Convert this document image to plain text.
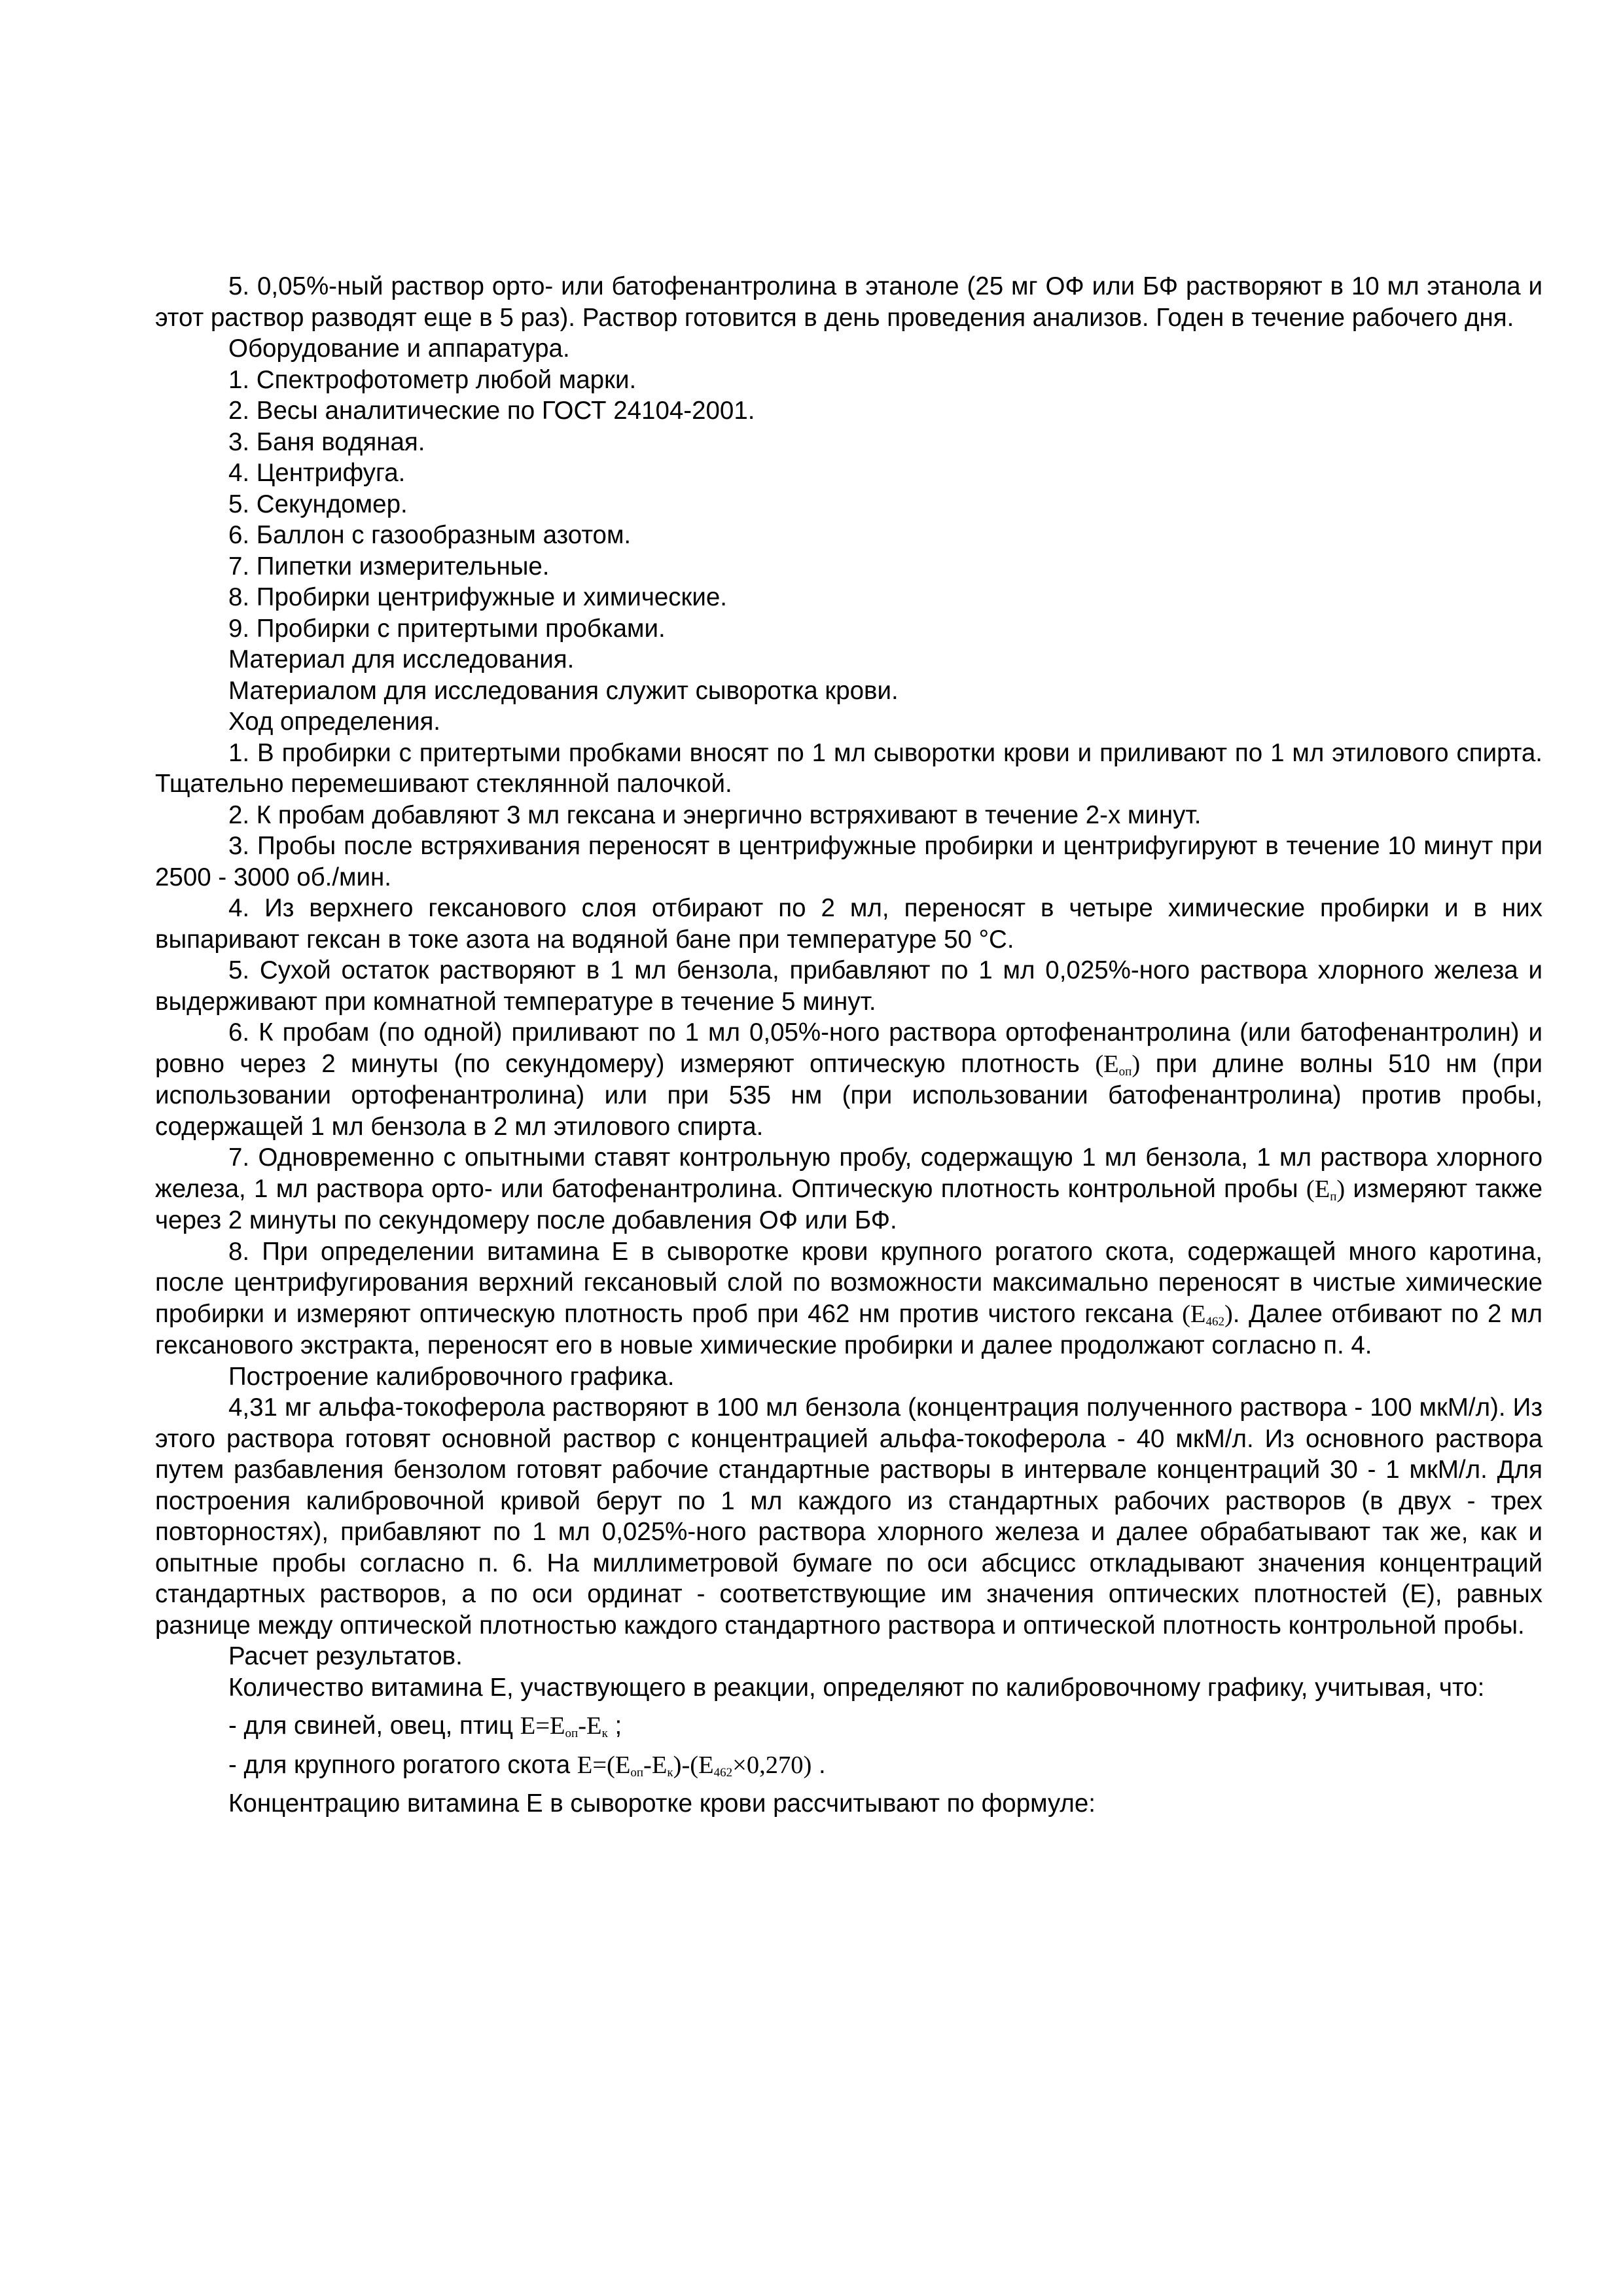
5. 0,05%-ный раствор орто- или батофенантролина в этаноле (25 мг ОФ или БФ растворяют в 10 мл этанола и этот раствор разводят еще в 5 раз). Раствор готовится в день проведения анализов. Годен в течение рабочего дня.

Оборудование и аппаратура.

1. Спектрофотометр любой марки.

2. Весы аналитические по ГОСТ 24104-2001.

3. Баня водяная.

4. Центрифуга.

5. Секундомер.

6. Баллон с газообразным азотом.

7. Пипетки измерительные.

8. Пробирки центрифужные и химические.

9. Пробирки с притертыми пробками.

Материал для исследования.

Материалом для исследования служит сыворотка крови.

Ход определения.

1. В пробирки с притертыми пробками вносят по 1 мл сыворотки крови и приливают по 1 мл этилового спирта. Тщательно перемешивают стеклянной палочкой.

2. К пробам добавляют 3 мл гексана и энергично встряхивают в течение 2-х минут.

3. Пробы после встряхивания переносят в центрифужные пробирки и центрифугируют в течение 10 минут при 2500 - 3000 об./мин.

4. Из верхнего гексанового слоя отбирают по 2 мл, переносят в четыре химические пробирки и в них выпаривают гексан в токе азота на водяной бане при температуре 50 °С.

5. Сухой остаток растворяют в 1 мл бензола, прибавляют по 1 мл 0,025%-ного раствора хлорного железа и выдерживают при комнатной температуре в течение 5 минут.

6. К пробам (по одной) приливают по 1 мл 0,05%-ного раствора ортофенантролина (или батофенантролин) и ровно через 2 минуты (по секундомеру) измеряют оптическую плотность $(E_{оп})$ при длине волны 510 нм (при использовании ортофенантролина) или при 535 нм (при использовании батофенантролина) против пробы, содержащей 1 мл бензола в 2 мл этилового спирта.

7. Одновременно с опытными ставят контрольную пробу, содержащую 1 мл бензола, 1 мл раствора хлорного железа, 1 мл раствора орто- или батофенантролина. Оптическую плотность контрольной пробы $(E_п)$ измеряют также через 2 минуты по секундомеру после добавления ОФ или БФ.

8. При определении витамина Е в сыворотке крови крупного рогатого скота, содержащей много каротина, после центрифугирования верхний гексановый слой по возможности максимально переносят в чистые химические пробирки и измеряют оптическую плотность проб при 462 нм против чистого гексана $(E_{462})$. Далее отбивают по 2 мл гексанового экстракта, переносят его в новые химические пробирки и далее продолжают согласно п. 4.

Построение калибровочного графика.

4,31 мг альфа-токоферола растворяют в 100 мл бензола (концентрация полученного раствора - 100 мкМ/л). Из этого раствора готовят основной раствор с концентрацией альфа-токоферола - 40 мкМ/л. Из основного раствора путем разбавления бензолом готовят рабочие стандартные растворы в интервале концентраций 30 - 1 мкМ/л. Для построения калибровочной кривой берут по 1 мл каждого из стандартных рабочих растворов (в двух - трех повторностях), прибавляют по 1 мл 0,025%-ного раствора хлорного железа и далее обрабатывают так же, как и опытные пробы согласно п. 6. На миллиметровой бумаге по оси абсцисс откладывают значения концентраций стандартных растворов, а по оси ординат - соответствующие им значения оптических плотностей (Е), равных разнице между оптической плотностью каждого стандартного раствора и оптической плотность контрольной пробы.

Расчет результатов.

Количество витамина Е, участвующего в реакции, определяют по калибровочному графику, учитывая, что:

- для свиней, овец, птиц $E=E_{оп}-E_к$ ;

- для крупного рогатого скота $E=(E_{оп}-E_к)-(E_{462}\times 0,270)$ .

Концентрацию витамина Е в сыворотке крови рассчитывают по формуле:
